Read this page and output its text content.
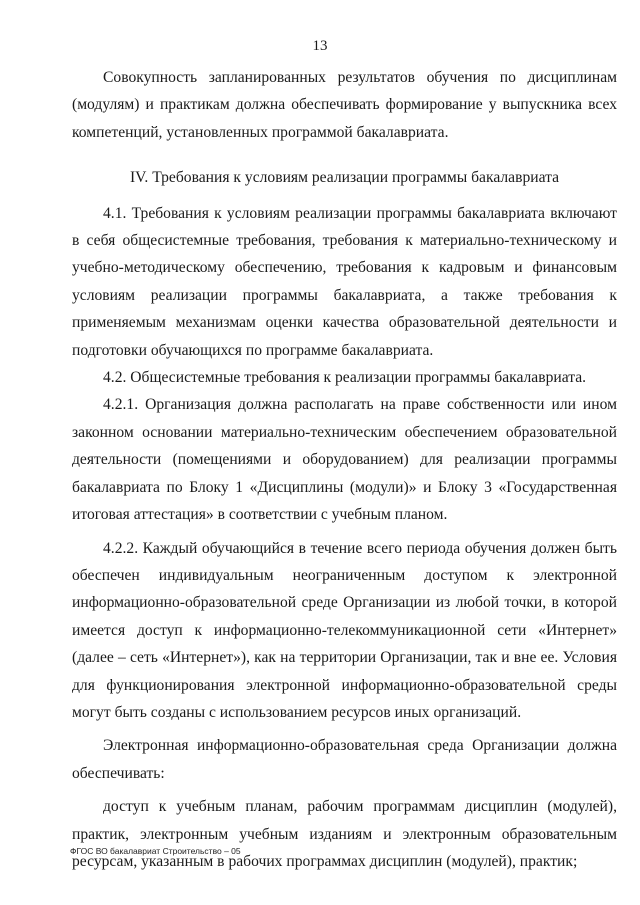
13

Совокупность запланированных результатов обучения по дисциплинам (модулям) и практикам должна обеспечивать формирование у выпускника всех компетенций, установленных программой бакалавриата.

IV. Требования к условиям реализации программы бакалавриата

4.1. Требования к условиям реализации программы бакалавриата включают в себя общесистемные требования, требования к материально-техническому и учебно-методическому обеспечению, требования к кадровым и финансовым условиям реализации программы бакалавриата, а также требования к применяемым механизмам оценки качества образовательной деятельности и подготовки обучающихся по программе бакалавриата.

4.2. Общесистемные требования к реализации программы бакалавриата.

4.2.1. Организация должна располагать на праве собственности или ином законном основании материально-техническим обеспечением образовательной деятельности (помещениями и оборудованием) для реализации программы бакалавриата по Блоку 1 «Дисциплины (модули)» и Блоку 3 «Государственная итоговая аттестация» в соответствии с учебным планом.

4.2.2. Каждый обучающийся в течение всего периода обучения должен быть обеспечен индивидуальным неограниченным доступом к электронной информационно-образовательной среде Организации из любой точки, в которой имеется доступ к информационно-телекоммуникационной сети «Интернет» (далее – сеть «Интернет»), как на территории Организации, так и вне ее. Условия для функционирования электронной информационно-образовательной среды могут быть созданы с использованием ресурсов иных организаций.

Электронная информационно-образовательная среда Организации должна обеспечивать:

доступ к учебным планам, рабочим программам дисциплин (модулей), практик, электронным учебным изданиям и электронным образовательным ресурсам, указанным в рабочих программах дисциплин (модулей), практик;

ФГОС ВО бакалавриат Строительство – 05
